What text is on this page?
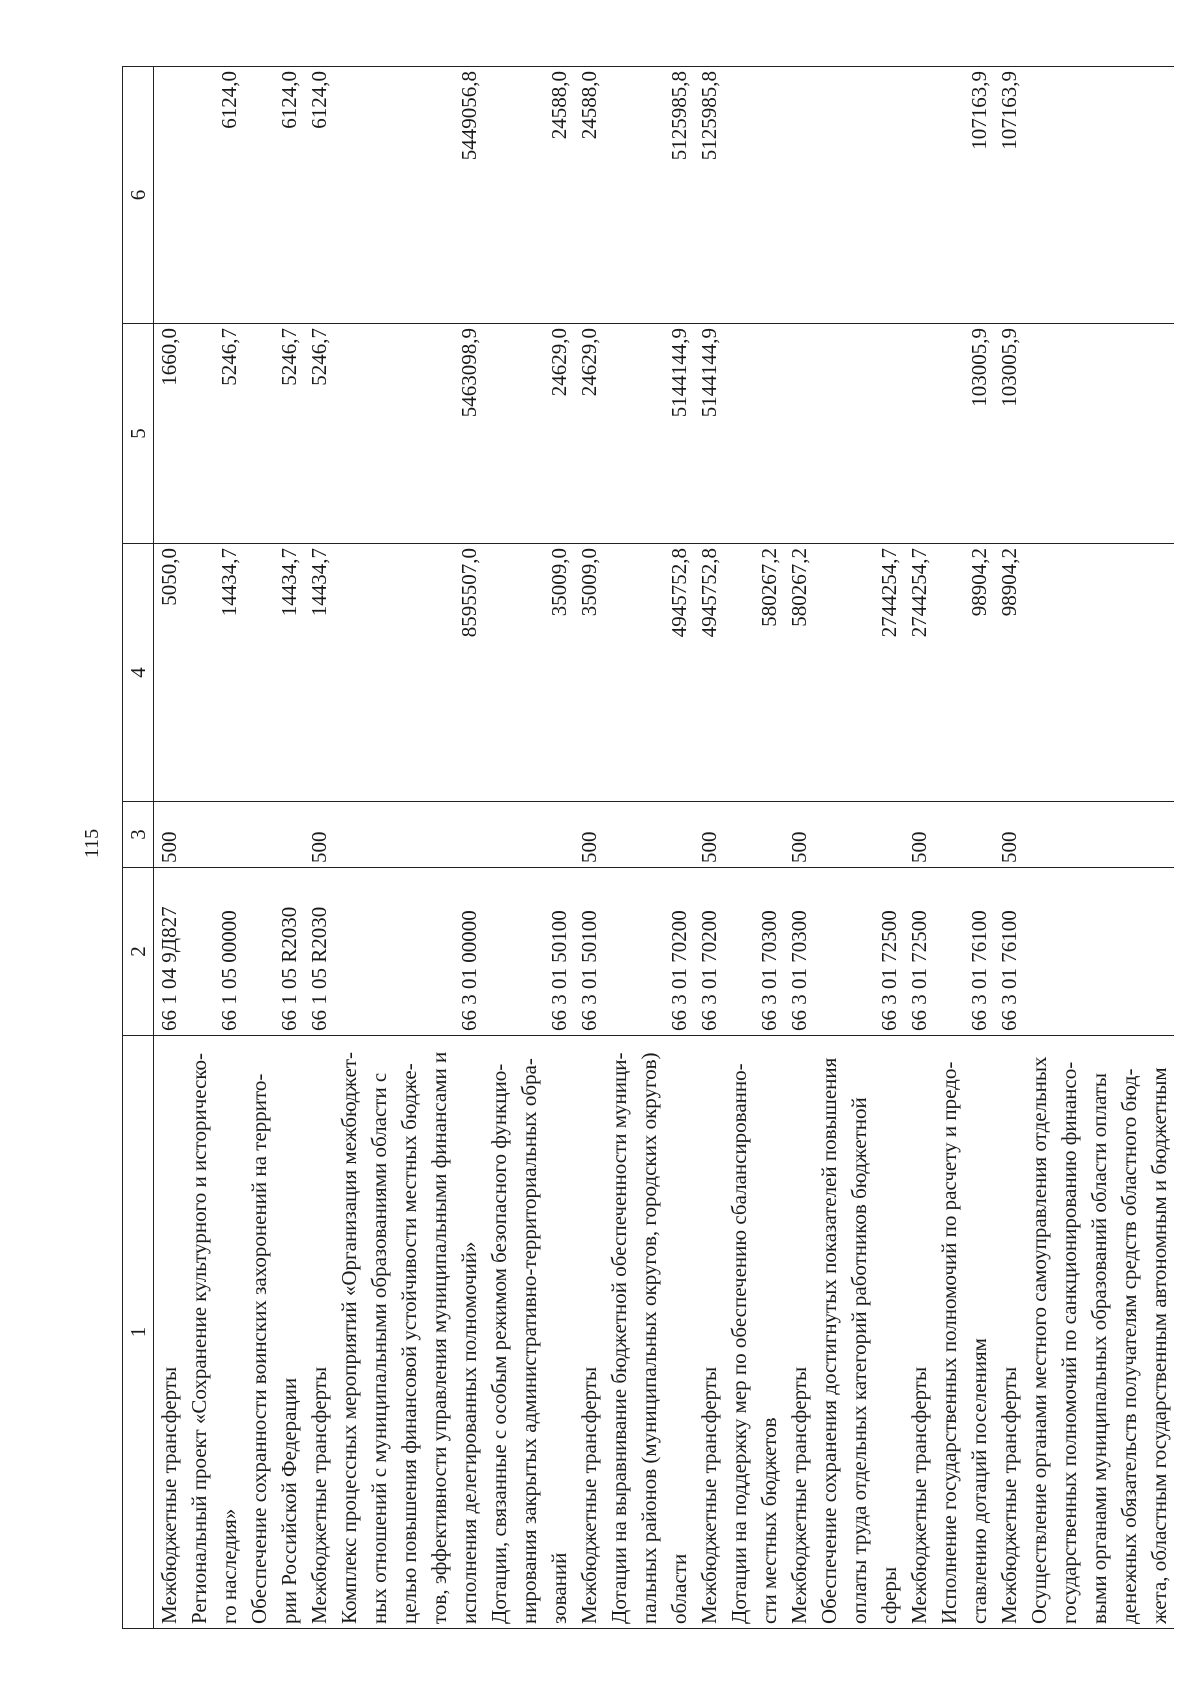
115
1	2	3	4	5	6
Межбюджетные трансферты	66 1 04 9Д827	500	5050,0	1660,0	
Региональный проект «Сохранение культурного и историческо-					
го наследия»	66 1 05 00000		14434,7	5246,7	6124,0
Обеспечение сохранности воинских захоронений на террито-					
рии Российской Федерации	66 1 05 R2030		14434,7	5246,7	6124,0
Межбюджетные трансферты	66 1 05 R2030	500	14434,7	5246,7	6124,0
Комплекс процессных мероприятий «Организация межбюджет-					
ных отношений с муниципальными образованиями области с					
целью повышения финансовой устойчивости местных бюдже-					
тов, эффективности управления муниципальными финансами и					
исполнения делегированных полномочий»	66 3 01 00000		8595507,0	5463098,9	5449056,8
Дотации, связанные с особым режимом безопасного функцио-					
нирования закрытых административно-территориальных обра-					
зований	66 3 01 50100		35009,0	24629,0	24588,0
Межбюджетные трансферты	66 3 01 50100	500	35009,0	24629,0	24588,0
Дотации на выравнивание бюджетной обеспеченности муници-					
пальных районов (муниципальных округов, городских округов)					
области	66 3 01 70200		4945752,8	5144144,9	5125985,8
Межбюджетные трансферты	66 3 01 70200	500	4945752,8	5144144,9	5125985,8
Дотации на поддержку мер по обеспечению сбалансированно-					
сти местных бюджетов	66 3 01 70300		580267,2		
Межбюджетные трансферты	66 3 01 70300	500	580267,2		
Обеспечение сохранения достигнутых показателей повышения					
оплаты труда отдельных категорий работников бюджетной					
сферы	66 3 01 72500		2744254,7		
Межбюджетные трансферты	66 3 01 72500	500	2744254,7		
Исполнение государственных полномочий по расчету и предо-					
ставлению дотаций поселениям	66 3 01 76100		98904,2	103005,9	107163,9
Межбюджетные трансферты	66 3 01 76100	500	98904,2	103005,9	107163,9
Осуществление органами местного самоуправления отдельных					
государственных полномочий по санкционированию финансо-					
выми органами муниципальных образований области оплаты					
денежных обязательств получателям средств областного бюд-					
жета, областным государственным автономным и бюджетным					
